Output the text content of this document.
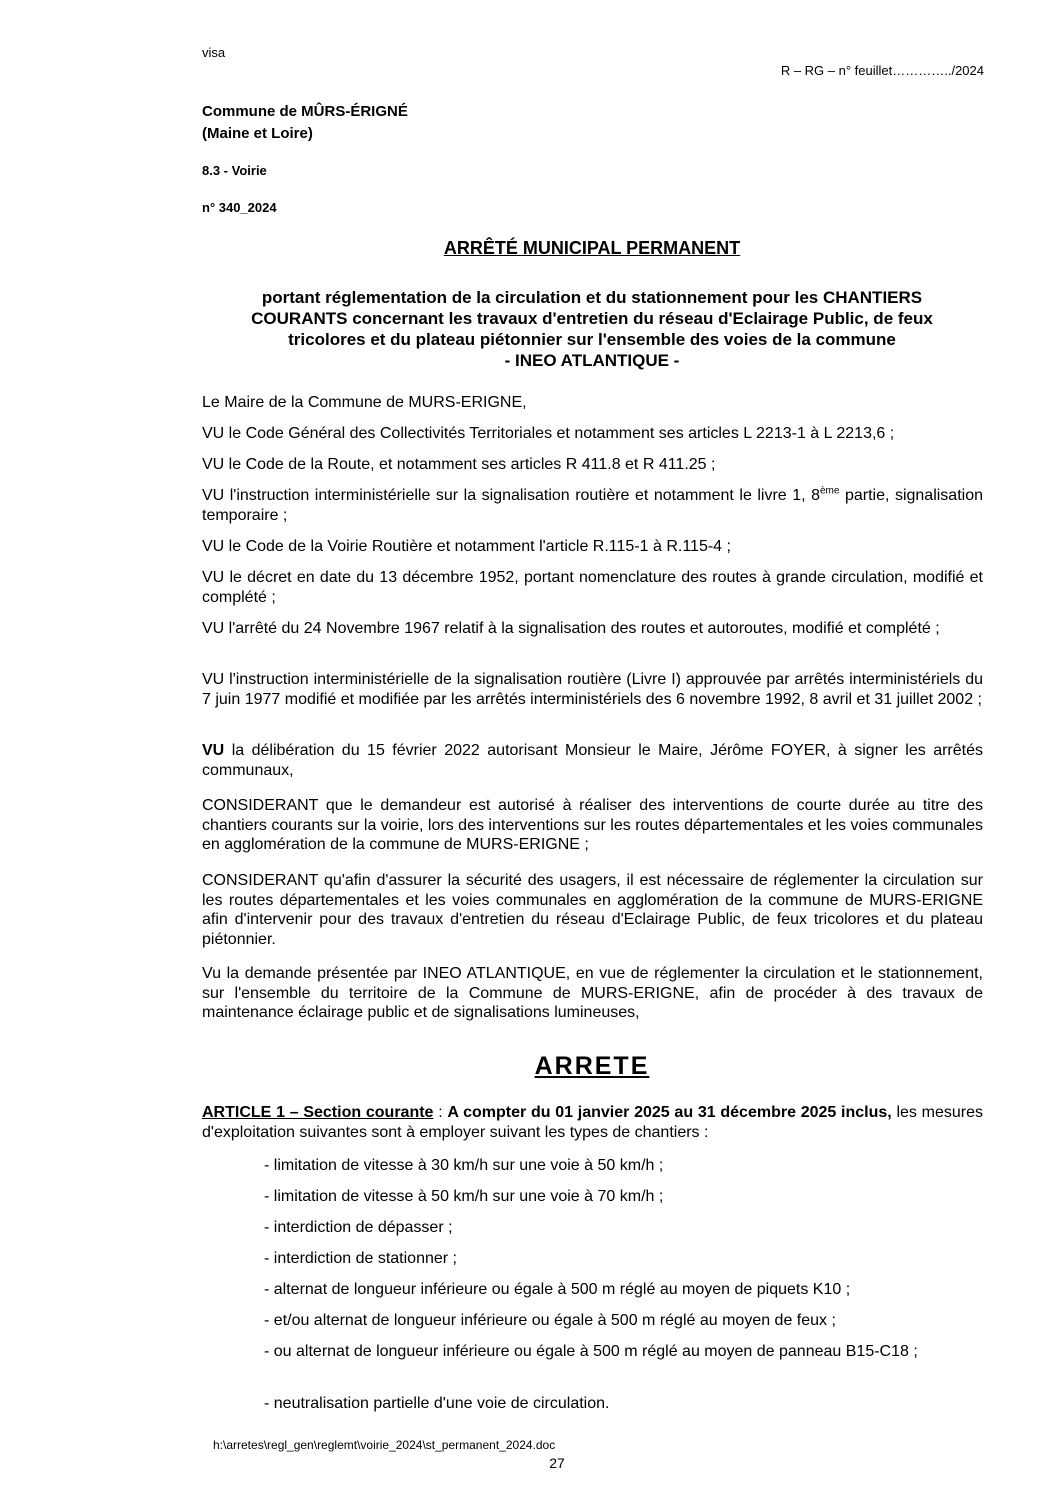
visa
R – RG – n° feuillet…………../2024
Commune de MÛRS-ÉRIGNÉ
(Maine et Loire)
8.3 - Voirie
n° 340_2024
ARRÊTÉ MUNICIPAL PERMANENT
portant réglementation de la circulation et du stationnement pour les CHANTIERS
COURANTS concernant les travaux d'entretien du réseau d'Eclairage Public, de feux
tricolores et du plateau piétonnier sur l'ensemble des voies de la commune
- INEO ATLANTIQUE -
Le Maire de la Commune de MURS-ERIGNE,
VU le Code Général des Collectivités Territoriales et notamment ses articles L 2213-1 à L 2213,6 ;
VU le Code de la Route, et notamment ses articles R 411.8 et R 411.25 ;
VU l'instruction interministérielle sur la signalisation routière et notamment le livre 1, 8ème partie, signalisation temporaire ;
VU le Code de la Voirie Routière et notamment l'article R.115-1 à R.115-4 ;
VU le décret en date du 13 décembre 1952, portant nomenclature des routes à grande circulation, modifié et complété ;
VU l'arrêté du 24 Novembre 1967 relatif à la signalisation des routes et autoroutes, modifié et complété ;
VU l'instruction interministérielle de la signalisation routière (Livre I) approuvée par arrêtés interministériels du 7 juin 1977 modifié et modifiée par les arrêtés interministériels des 6 novembre 1992, 8 avril et 31 juillet 2002 ;
VU la délibération du 15 février 2022 autorisant Monsieur le Maire, Jérôme FOYER, à signer les arrêtés communaux,
CONSIDERANT que le demandeur est autorisé à réaliser des interventions de courte durée au titre des chantiers courants sur la voirie, lors des interventions sur les routes départementales et les voies communales en agglomération de la commune de MURS-ERIGNE ;
CONSIDERANT qu'afin d'assurer la sécurité des usagers, il est nécessaire de réglementer la circulation sur les routes départementales et les voies communales en agglomération de la commune de MURS-ERIGNE afin d'intervenir pour des travaux d'entretien du réseau d'Eclairage Public, de feux tricolores et du plateau piétonnier.
Vu la demande présentée par INEO ATLANTIQUE, en vue de réglementer la circulation et le stationnement, sur l'ensemble du territoire de la Commune de MURS-ERIGNE, afin de procéder à des travaux de maintenance éclairage public et de signalisations lumineuses,
ARRETE
ARTICLE 1 – Section courante : A compter du 01 janvier 2025 au 31 décembre 2025 inclus, les mesures d'exploitation suivantes sont à employer suivant les types de chantiers :
- limitation de vitesse à 30 km/h sur une voie à 50 km/h ;
- limitation de vitesse à 50 km/h sur une voie à 70 km/h ;
- interdiction de dépasser ;
- interdiction de stationner ;
- alternat de longueur inférieure ou égale à 500 m réglé au moyen de piquets K10 ;
- et/ou alternat de longueur inférieure ou égale à 500 m réglé au moyen de feux ;
- ou alternat de longueur inférieure ou égale à 500 m réglé au moyen de panneau B15-C18 ;
- neutralisation partielle d'une voie de circulation.
h:\arretes\regl_gen\reglemt\voirie_2024\st_permanent_2024.doc
27
